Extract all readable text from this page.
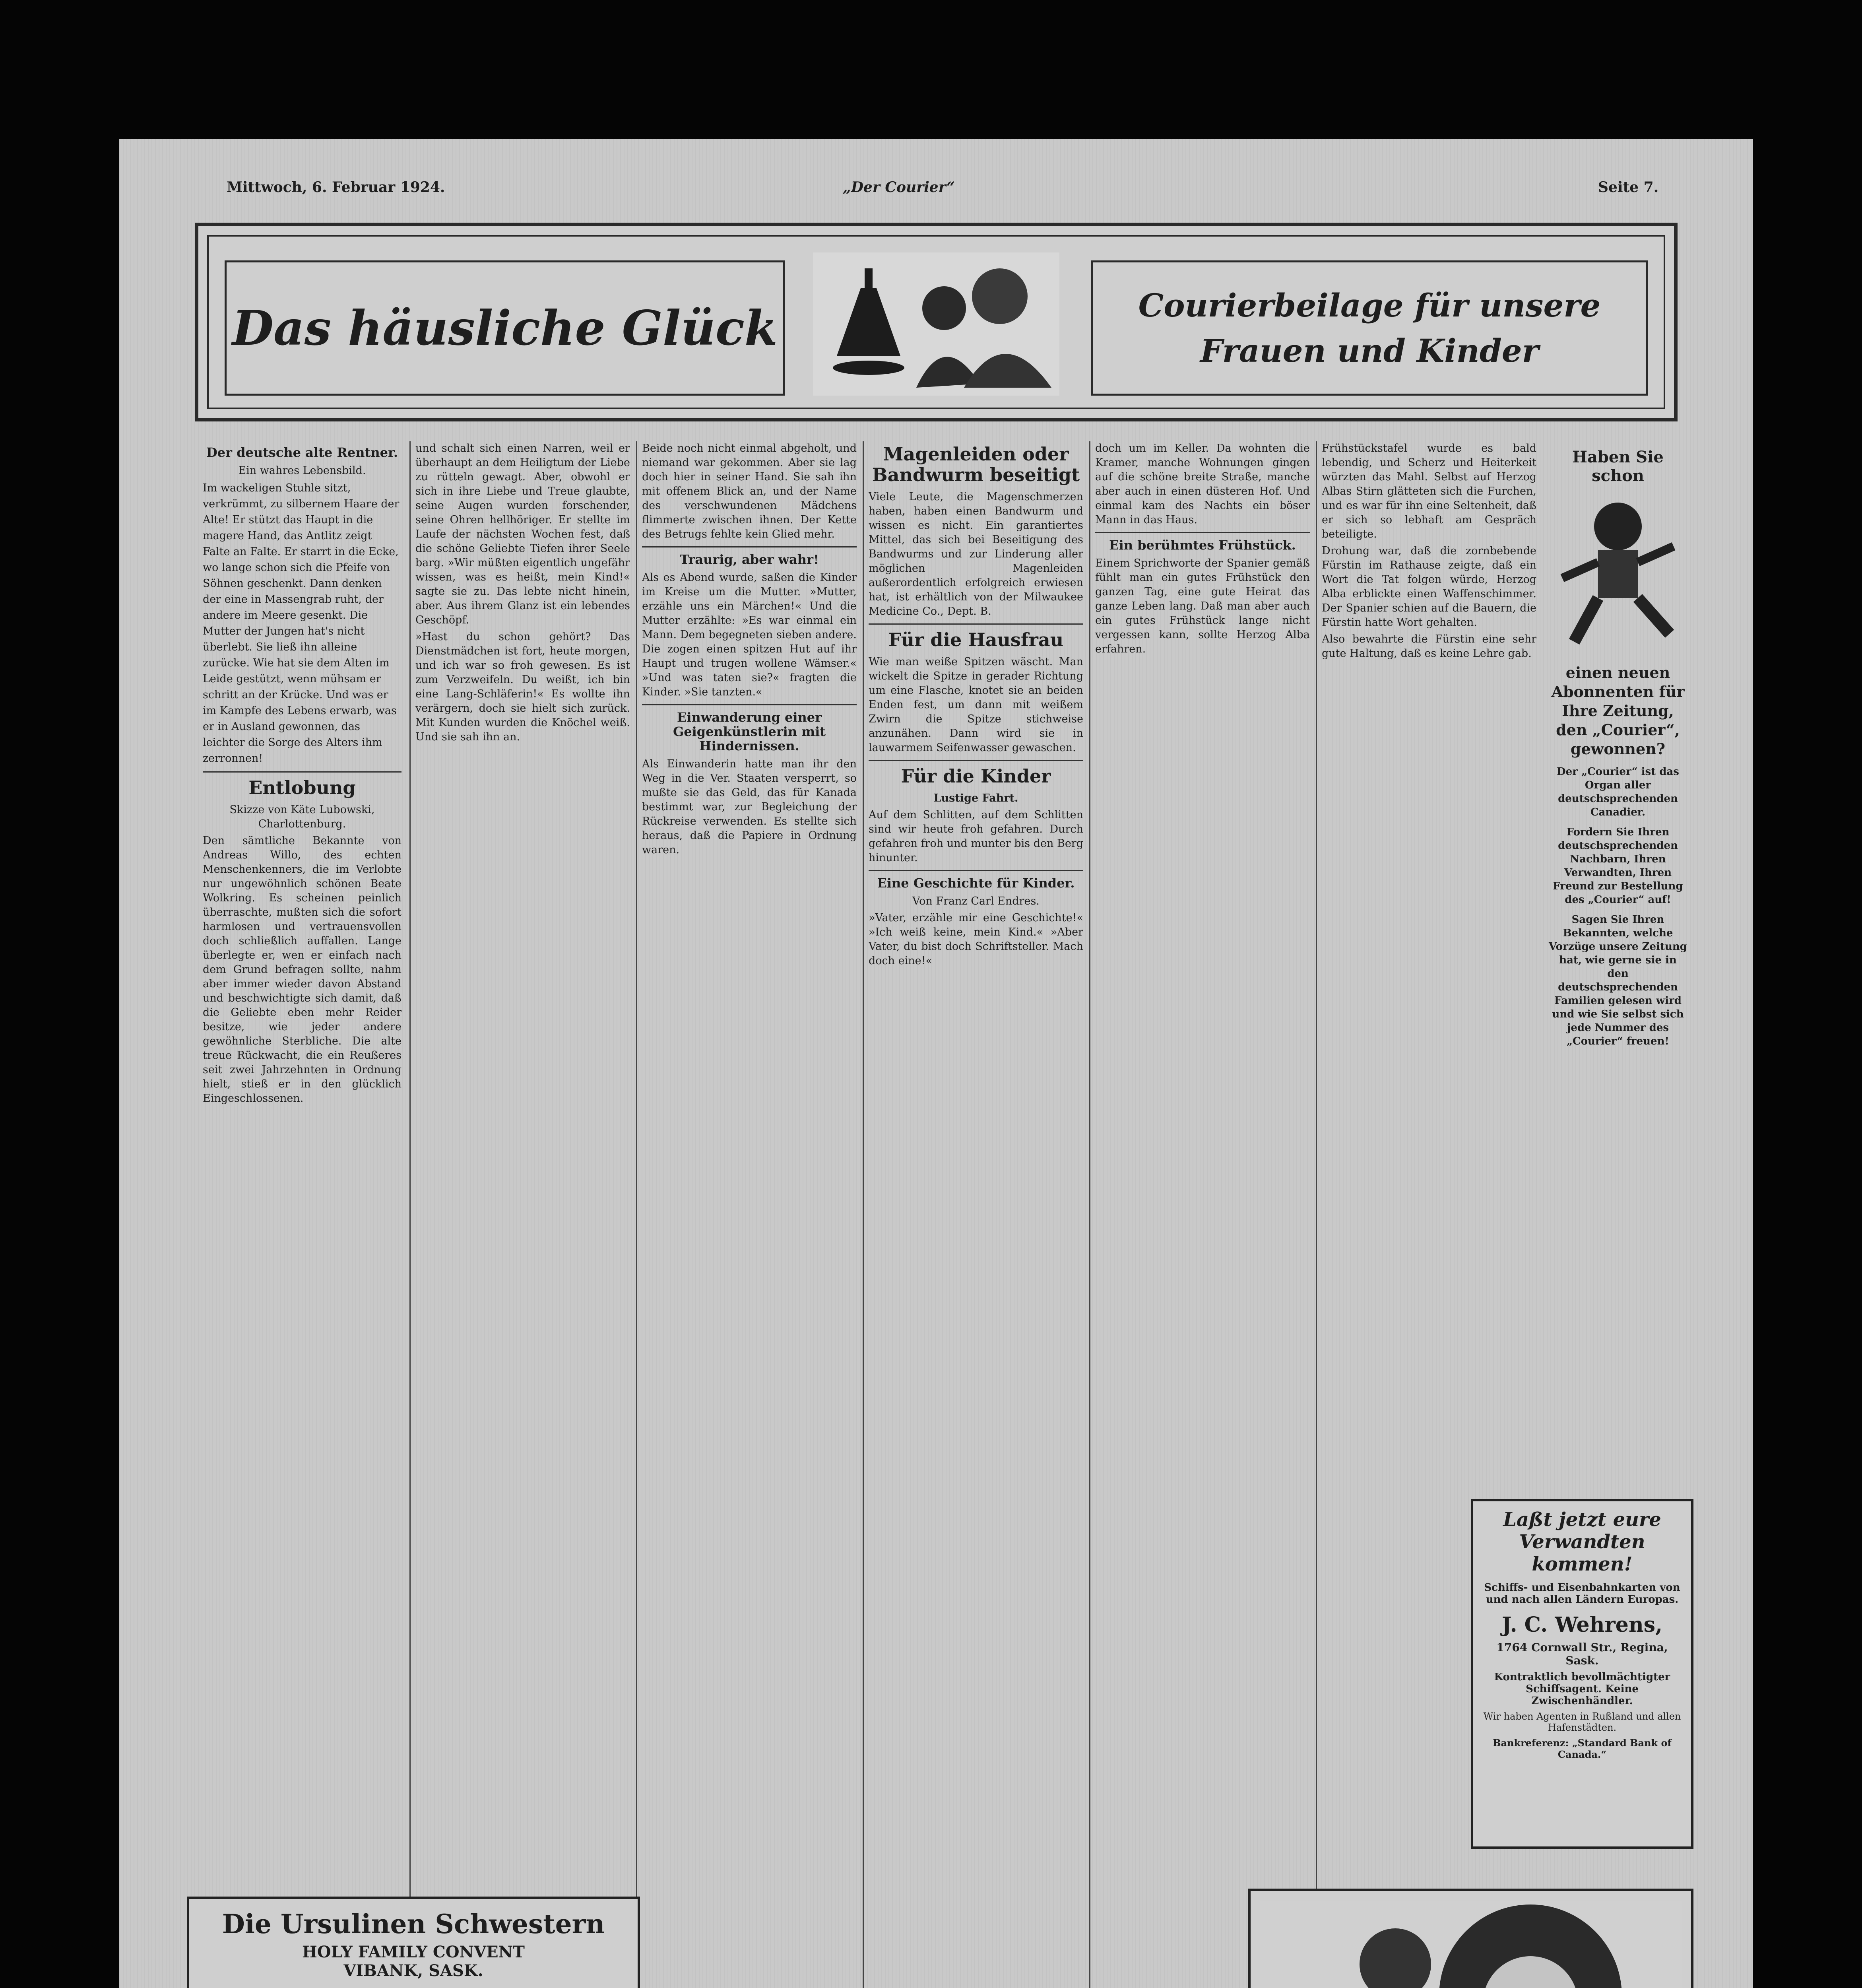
Mittwoch, 6. Februar 1924.	„Der Courier“	Seite 7.
Das häusliche Glück	Courierbeilage für unsere
Frauen und Kinder
Der deutsche alte Rentner.

Ein wahres Lebensbild.

Im wackeligen Stuhle sitzt, verkrümmt, zu silbernem Haare der Alte! Er stützt das Haupt in die magere Hand, das Antlitz zeigt Falte an Falte. Er starrt in die Ecke, wo lange schon sich die Pfeife von Söhnen geschenkt. Dann denken der eine in Massengrab ruht, der andere im Meere gesenkt. Die Mutter der Jungen hat's nicht überlebt. Sie ließ ihn alleine zurücke. Wie hat sie dem Alten im Leide gestützt, wenn mühsam er schritt an der Krücke. Und was er im Kampfe des Lebens erwarb, was er in Ausland gewonnen, das leichter die Sorge des Alters ihm zerronnen!

Entlobung

Skizze von Käte Lubowski, Charlottenburg.

Den sämtliche Bekannte von Andreas Willo, des echten Menschenkenners, die im Verlobte nur ungewöhnlich schönen Beate Wolkring. Es scheinen peinlich überraschte, mußten sich die sofort harmlosen und vertrauensvollen doch schließlich auffallen. Lange überlegte er, wen er einfach nach dem Grund befragen sollte, nahm aber immer wieder davon Abstand und beschwichtigte sich damit, daß die Geliebte eben mehr Reider besitze, wie jeder andere gewöhnliche Sterbliche. Die alte treue Rückwacht, die ein Reußeres seit zwei Jahrzehnten in Ordnung hielt, stieß er in den glücklich Eingeschlossenen.

und schalt sich einen Narren, weil er überhaupt an dem Heiligtum der Liebe zu rütteln gewagt. Aber, obwohl er sich in ihre Liebe und Treue glaubte, seine Augen wurden forschender, seine Ohren hellhöriger. Er stellte im Laufe der nächsten Wochen fest, daß die schöne Geliebte Tiefen ihrer Seele barg. »Wir müßten eigentlich ungefähr wissen, was es heißt, mein Kind!« sagte sie zu. Das lebte nicht hinein, aber. Aus ihrem Glanz ist ein lebendes Geschöpf.

»Hast du schon gehört? Das Dienstmädchen ist fort, heute morgen, und ich war so froh gewesen. Es ist zum Verzweifeln. Du weißt, ich bin eine Lang-Schläferin!« Es wollte ihn verärgern, doch sie hielt sich zurück. Mit Kunden wurden die Knöchel weiß. Und sie sah ihn an.

Beide noch nicht einmal abgeholt, und niemand war gekommen. Aber sie lag doch hier in seiner Hand. Sie sah ihn mit offenem Blick an, und der Name des verschwundenen Mädchens flimmerte zwischen ihnen. Der Kette des Betrugs fehlte kein Glied mehr.

Traurig, aber wahr!

Als es Abend wurde, saßen die Kinder im Kreise um die Mutter. »Mutter, erzähle uns ein Märchen!« Und die Mutter erzählte: »Es war einmal ein Mann. Dem begegneten sieben andere. Die zogen einen spitzen Hut auf ihr Haupt und trugen wollene Wämser.« »Und was taten sie?« fragten die Kinder. »Sie tanzten.«

Einwanderung einer Geigenkünstlerin mit Hindernissen.

Als Einwanderin hatte man ihr den Weg in die Ver. Staaten versperrt, so mußte sie das Geld, das für Kanada bestimmt war, zur Begleichung der Rückreise verwenden. Es stellte sich heraus, daß die Papiere in Ordnung waren.

Magenleiden oder Bandwurm beseitigt

Viele Leute, die Magenschmerzen haben, haben einen Bandwurm und wissen es nicht. Ein garantiertes Mittel, das sich bei Beseitigung des Bandwurms und zur Linderung aller möglichen Magenleiden außerordentlich erfolgreich erwiesen hat, ist erhältlich von der Milwaukee Medicine Co., Dept. B.

Für die Hausfrau

Wie man weiße Spitzen wäscht. Man wickelt die Spitze in gerader Richtung um eine Flasche, knotet sie an beiden Enden fest, um dann mit weißem Zwirn die Spitze stichweise anzunähen. Dann wird sie in lauwarmem Seifenwasser gewaschen.

Für die Kinder

Lustige Fahrt.

Auf dem Schlitten, auf dem Schlitten sind wir heute froh gefahren. Durch gefahren froh und munter bis den Berg hinunter.

Eine Geschichte für Kinder.

Von Franz Carl Endres.

»Vater, erzähle mir eine Geschichte!« »Ich weiß keine, mein Kind.« »Aber Vater, du bist doch Schriftsteller. Mach doch eine!«

doch um im Keller. Da wohnten die Kramer, manche Wohnungen gingen auf die schöne breite Straße, manche aber auch in einen düsteren Hof. Und einmal kam des Nachts ein böser Mann in das Haus.

Ein berühmtes Frühstück.

Einem Sprichworte der Spanier gemäß fühlt man ein gutes Frühstück den ganzen Tag, eine gute Heirat das ganze Leben lang. Daß man aber auch ein gutes Frühstück lange nicht vergessen kann, sollte Herzog Alba erfahren.

Frühstückstafel wurde es bald lebendig, und Scherz und Heiterkeit würzten das Mahl. Selbst auf Herzog Albas Stirn glätteten sich die Furchen, und es war für ihn eine Seltenheit, daß er sich so lebhaft am Gespräch beteiligte.

Drohung war, daß die zornbebende Fürstin im Rathause zeigte, daß ein Wort die Tat folgen würde, Herzog Alba erblickte einen Waffenschimmer. Der Spanier schien auf die Bauern, die Fürstin hatte Wort gehalten.

Also bewahrte die Fürstin eine sehr gute Haltung, daß es keine Lehre gab.

Haben Sie schon
einen neuen Abonnenten für Ihre Zeitung, den „Courier“, gewonnen?
Der „Courier“ ist das Organ aller deutschsprechenden Canadier.
Fordern Sie Ihren deutschsprechenden Nachbarn, Ihren Verwandten, Ihren Freund zur Bestellung des „Courier“ auf!
Sagen Sie Ihren Bekannten, welche Vorzüge unsere Zeitung hat, wie gerne sie in den deutschsprechenden Familien gelesen wird und wie Sie selbst sich jede Nummer des „Courier“ freuen!
Laßt jetzt eure
Verwandten kommen!
Schiffs- und Eisenbahnkarten von und nach allen Ländern Europas.
J. C. Wehrens,
1764 Cornwall Str., Regina, Sask.
Kontraktlich bevollmächtigter Schiffsagent. Keine Zwischenhändler.
Wir haben Agenten in Rußland und allen Hafenstädten.
Bankreferenz: „Standard Bank of Canada.“
Die Ursulinen Schwestern
HOLY FAMILY CONVENT
VIBANK, SASK.
